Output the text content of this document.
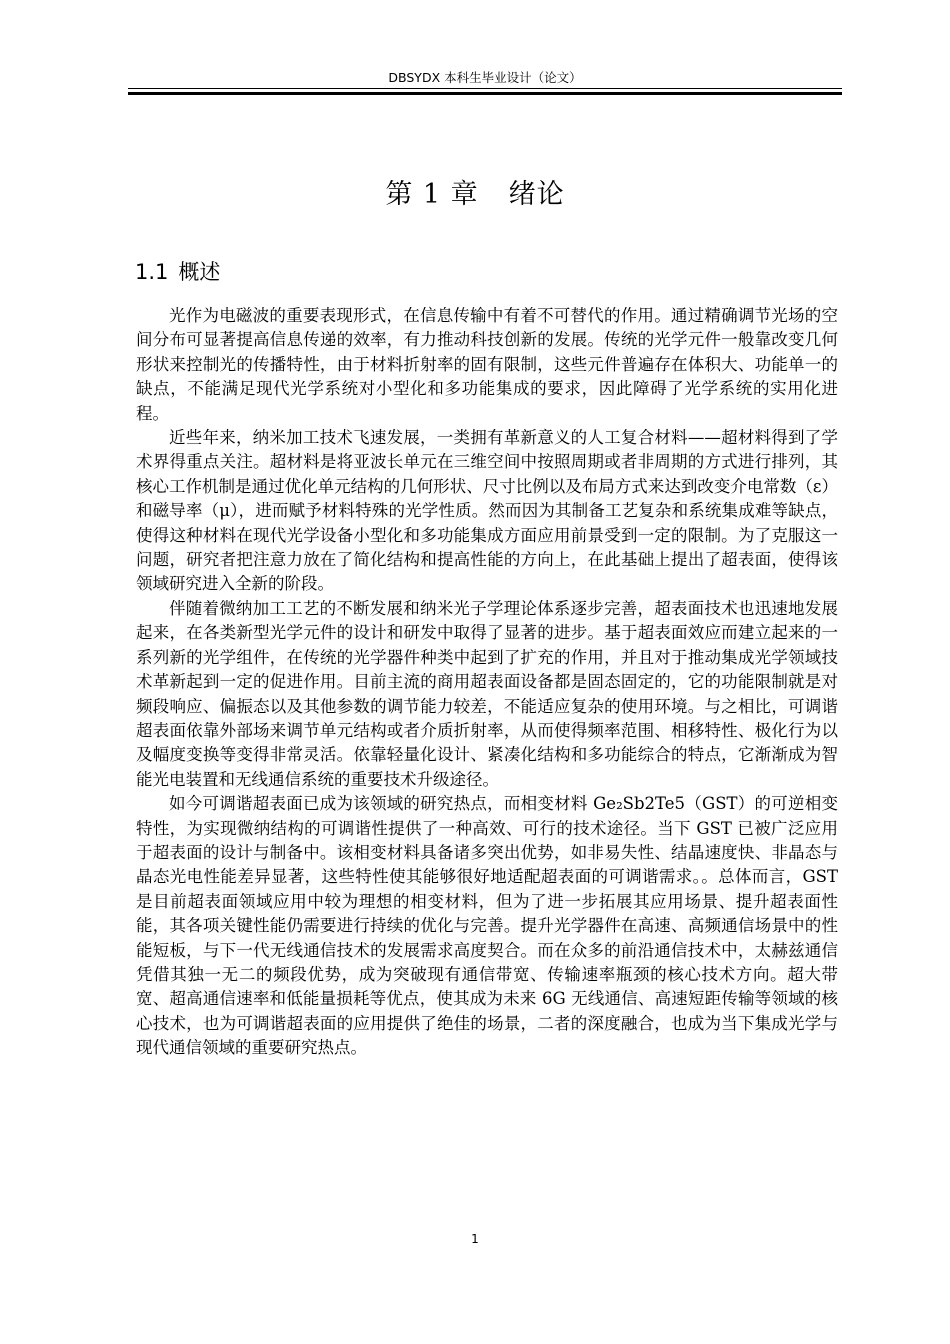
DBSYDX 本科生毕业设计（论文）
第 1 章 绪论
1.1 概述

光作为电磁波的重要表现形式，在信息传输中有着不可替代的作用。通过精确调节光场的空间分布可显著提高信息传递的效率，有力推动科技创新的发展。传统的光学元件一般靠改变几何形状来控制光的传播特性，由于材料折射率的固有限制，这些元件普遍存在体积大、功能单一的缺点，不能满足现代光学系统对小型化和多功能集成的要求，因此障碍了光学系统的实用化进程。

近些年来，纳米加工技术飞速发展，一类拥有革新意义的人工复合材料——超材料得到了学术界得重点关注。超材料是将亚波长单元在三维空间中按照周期或者非周期的方式进行排列，其核心工作机制是通过优化单元结构的几何形状、尺寸比例以及布局方式来达到改变介电常数（ε）和磁导率（μ），进而赋予材料特殊的光学性质。然而因为其制备工艺复杂和系统集成难等缺点，使得这种材料在现代光学设备小型化和多功能集成方面应用前景受到一定的限制。为了克服这一问题，研究者把注意力放在了简化结构和提高性能的方向上，在此基础上提出了超表面，使得该领域研究进入全新的阶段。

伴随着微纳加工工艺的不断发展和纳米光子学理论体系逐步完善，超表面技术也迅速地发展起来，在各类新型光学元件的设计和研发中取得了显著的进步。基于超表面效应而建立起来的一系列新的光学组件，在传统的光学器件种类中起到了扩充的作用，并且对于推动集成光学领域技术革新起到一定的促进作用。目前主流的商用超表面设备都是固态固定的，它的功能限制就是对频段响应、偏振态以及其他参数的调节能力较差，不能适应复杂的使用环境。与之相比，可调谐超表面依靠外部场来调节单元结构或者介质折射率，从而使得频率范围、相移特性、极化行为以及幅度变换等变得非常灵活。依靠轻量化设计、紧凑化结构和多功能综合的特点，它渐渐成为智能光电装置和无线通信系统的重要技术升级途径。

如今可调谐超表面已成为该领域的研究热点，而相变材料 Ge₂Sb2Te5（GST）的可逆相变特性，为实现微纳结构的可调谐性提供了一种高效、可行的技术途径。当下 GST 已被广泛应用于超表面的设计与制备中。该相变材料具备诸多突出优势，如非易失性、结晶速度快、非晶态与晶态光电性能差异显著，这些特性使其能够很好地适配超表面的可调谐需求。。总体而言，GST 是目前超表面领域应用中较为理想的相变材料，但为了进一步拓展其应用场景、提升超表面性能，其各项关键性能仍需要进行持续的优化与完善。提升光学器件在高速、高频通信场景中的性能短板，与下一代无线通信技术的发展需求高度契合。而在众多的前沿通信技术中，太赫兹通信凭借其独一无二的频段优势，成为突破现有通信带宽、传输速率瓶颈的核心技术方向。超大带宽、超高通信速率和低能量损耗等优点，使其成为未来 6G 无线通信、高速短距传输等领域的核心技术，也为可调谐超表面的应用提供了绝佳的场景，二者的深度融合，也成为当下集成光学与现代通信领域的重要研究热点。

1
